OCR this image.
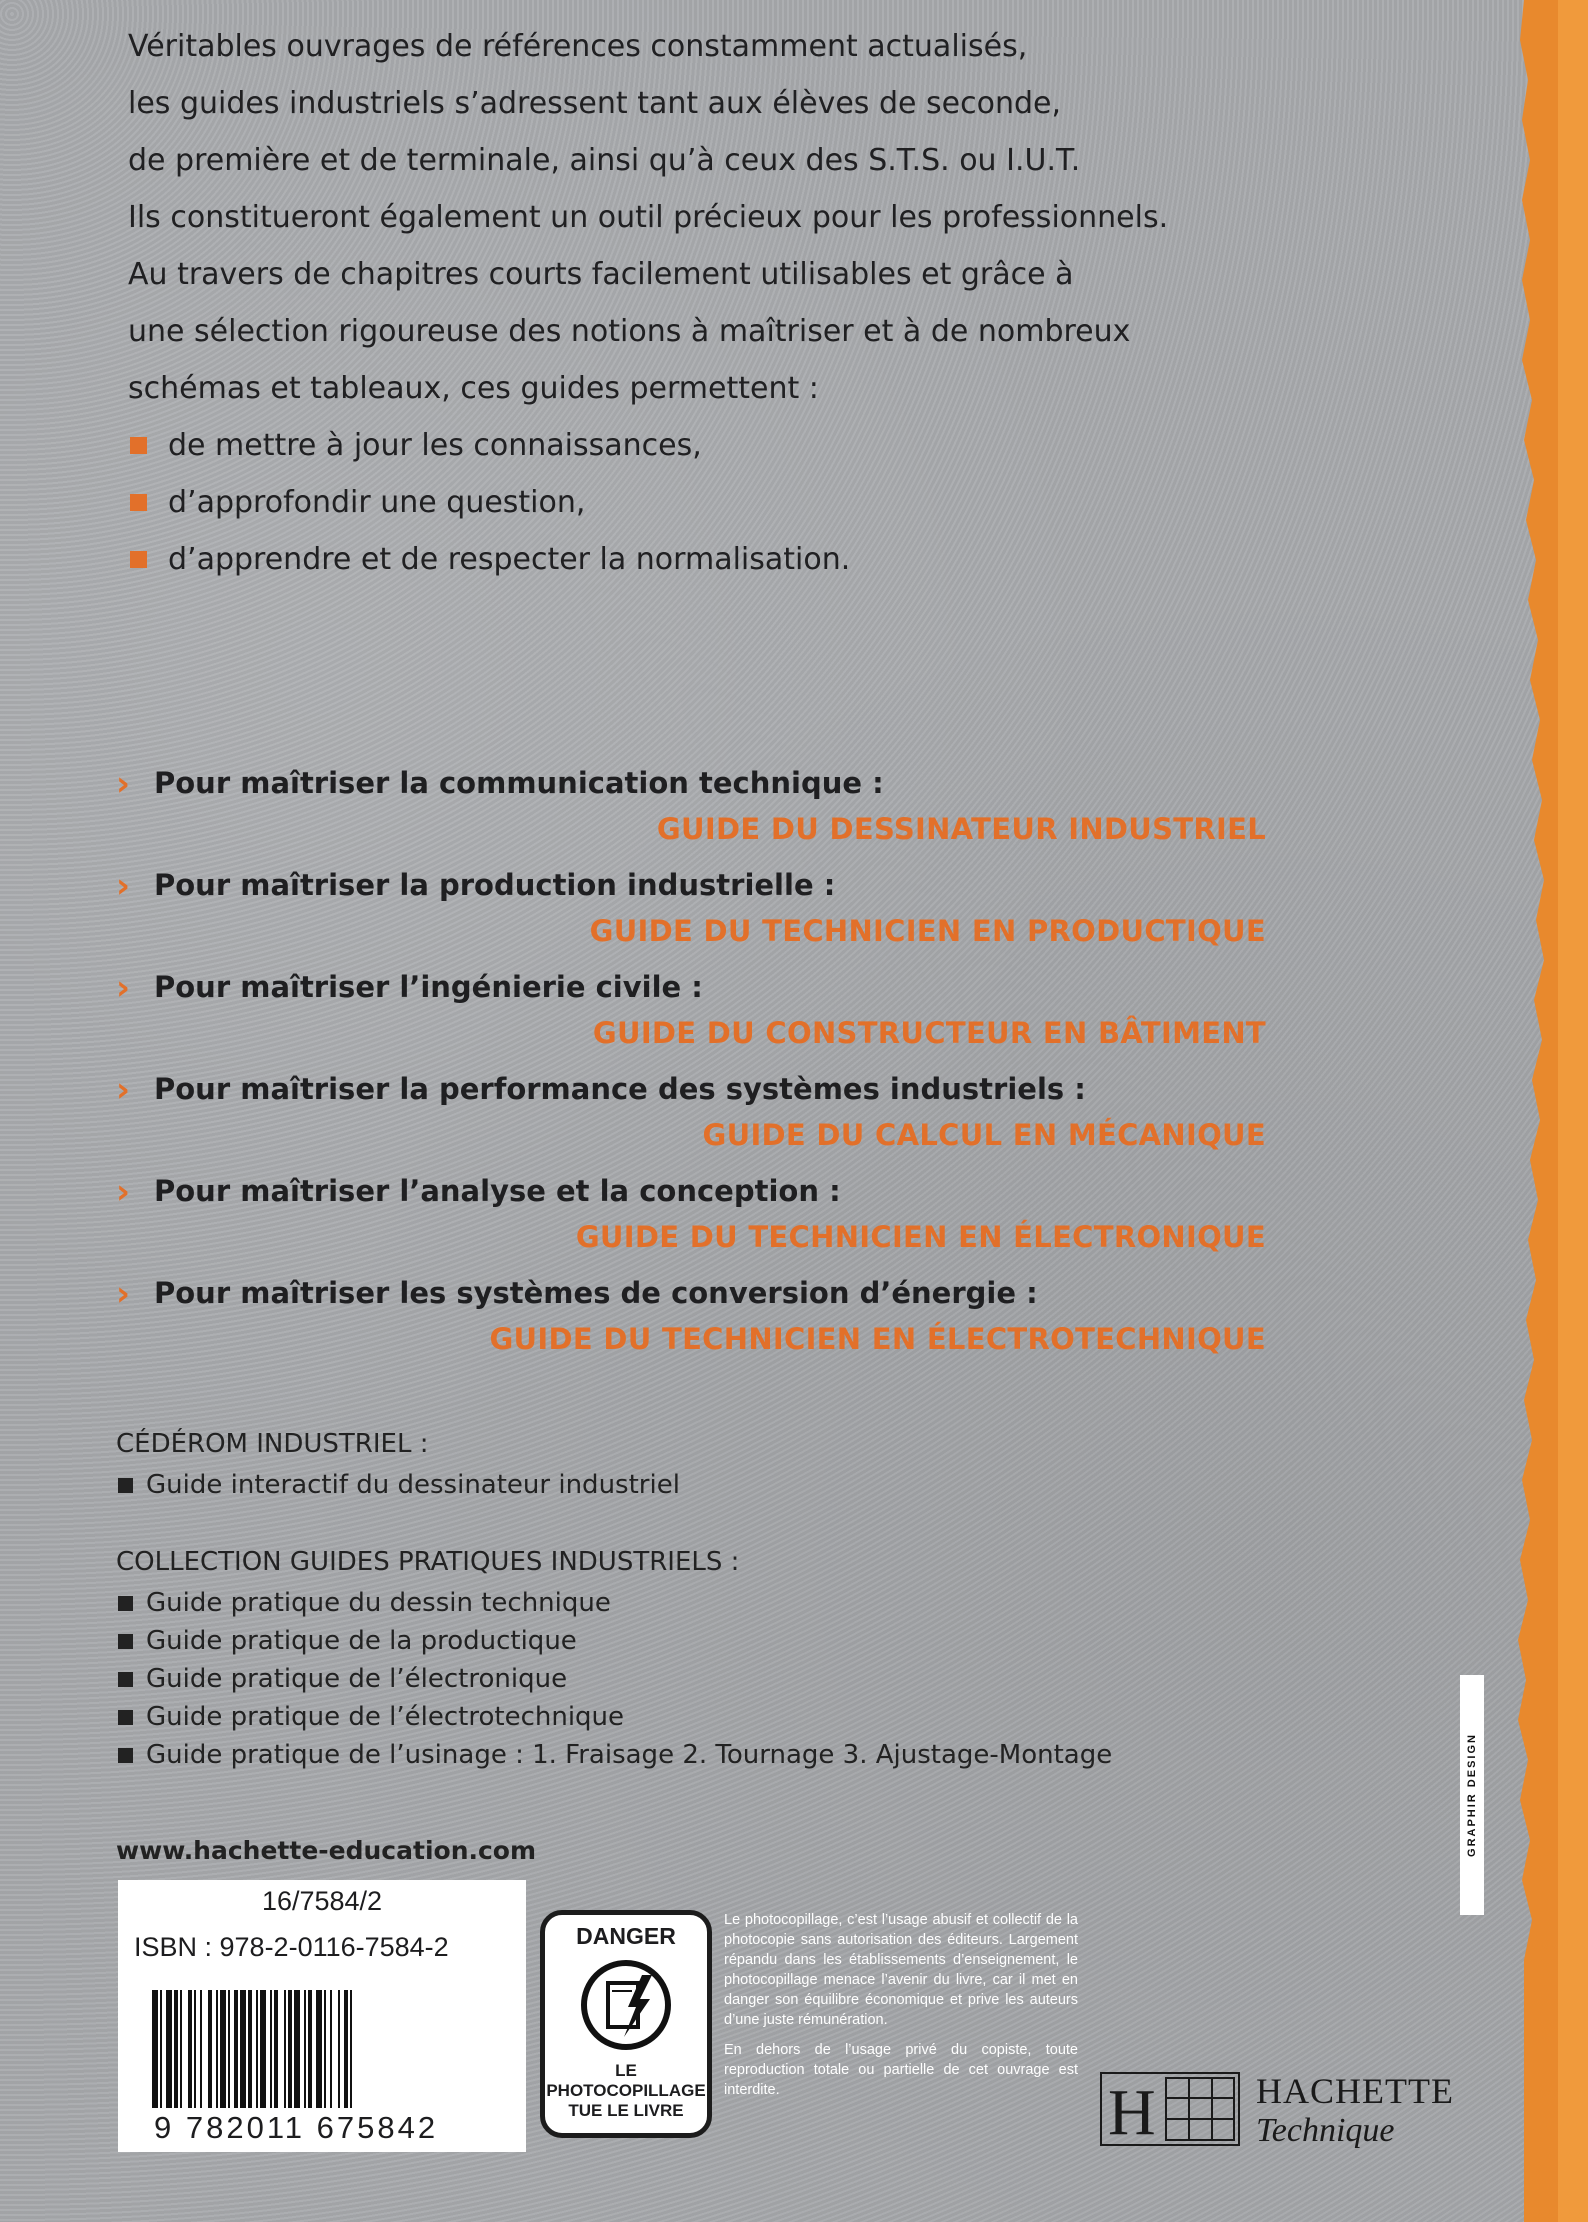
Véritables ouvrages de références constamment actualisés,

les guides industriels s’adressent tant aux élèves de seconde,

de première et de terminale, ainsi qu’à ceux des S.T.S. ou I.U.T.

Ils constitueront également un outil précieux pour les professionnels.

Au travers de chapitres courts facilement utilisables et grâce à

une sélection rigoureuse des notions à maîtriser et à de nombreux

schémas et tableaux, ces guides permettent :

de mettre à jour les connaissances,
d’approfondir une question,
d’apprendre et de respecter la normalisation.
› Pour maîtriser la communication technique :
GUIDE DU DESSINATEUR INDUSTRIEL
› Pour maîtriser la production industrielle :
GUIDE DU TECHNICIEN EN PRODUCTIQUE
› Pour maîtriser l’ingénierie civile :
GUIDE DU CONSTRUCTEUR EN BÂTIMENT
› Pour maîtriser la performance des systèmes industriels :
GUIDE DU CALCUL EN MÉCANIQUE
› Pour maîtriser l’analyse et la conception :
GUIDE DU TECHNICIEN EN ÉLECTRONIQUE
› Pour maîtriser les systèmes de conversion d’énergie :
GUIDE DU TECHNICIEN EN ÉLECTROTECHNIQUE

CÉDÉROM INDUSTRIEL :

Guide interactif du dessinateur industriel

COLLECTION GUIDES PRATIQUES INDUSTRIELS :

Guide pratique du dessin technique
Guide pratique de la productique
Guide pratique de l’électronique
Guide pratique de l’électrotechnique
Guide pratique de l’usinage : 1. Fraisage 2. Tournage 3. Ajustage-Montage
www.hachette-education.com
16/7584/2
ISBN : 978-2-0116-7584-2
9 782011 675842
DANGER
LE
PHOTOCOPILLAGE
TUE LE LIVRE

Le photocopillage, c’est l’usage abusif et collectif de la photocopie sans autorisation des éditeurs. Largement répandu dans les établissements d’enseignement, le photocopillage menace l’avenir du livre, car il met en danger son équilibre économique et prive les auteurs d’une juste rémunération.

En dehors de l’usage privé du copiste, toute reproduction totale ou partielle de cet ouvrage est interdite.	H	HACHETTE
Technique
GRAPHIR DESIGN
